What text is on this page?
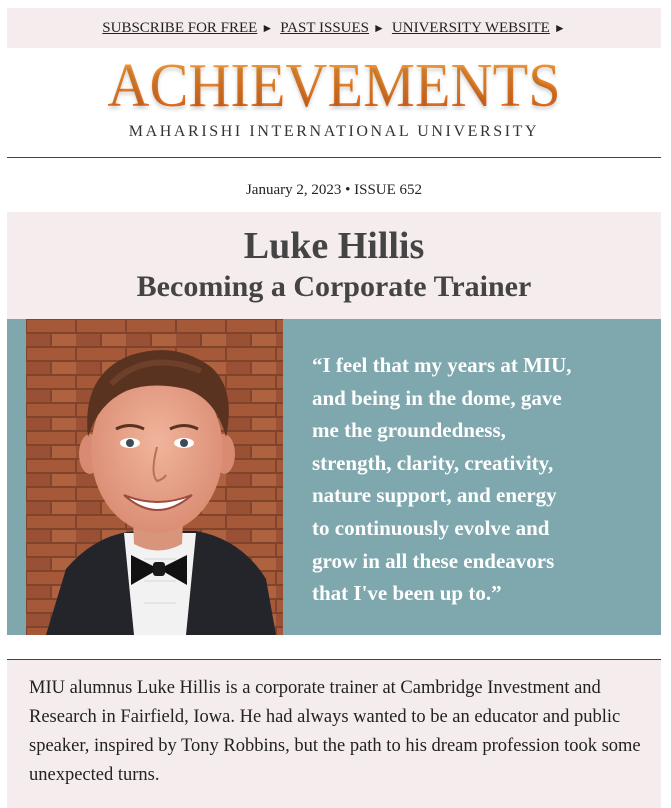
SUBSCRIBE FOR FREE ► PAST ISSUES ► UNIVERSITY WEBSITE ►
ACHIEVEMENTS
MAHARISHI INTERNATIONAL UNIVERSITY
January 2, 2023 • ISSUE 652
Luke Hillis
Becoming a Corporate Trainer
“I feel that my years at MIU,
and being in the dome, gave
me the groundedness,
strength, clarity, creativity,
nature support, and energy
to continuously evolve and
grow in all these endeavors
that I've been up to.”

MIU alumnus Luke Hillis is a corporate trainer at Cambridge Investment and Research in Fairfield, Iowa. He had always wanted to be an educator and public speaker, inspired by Tony Robbins, but the path to his dream profession took some unexpected turns.
